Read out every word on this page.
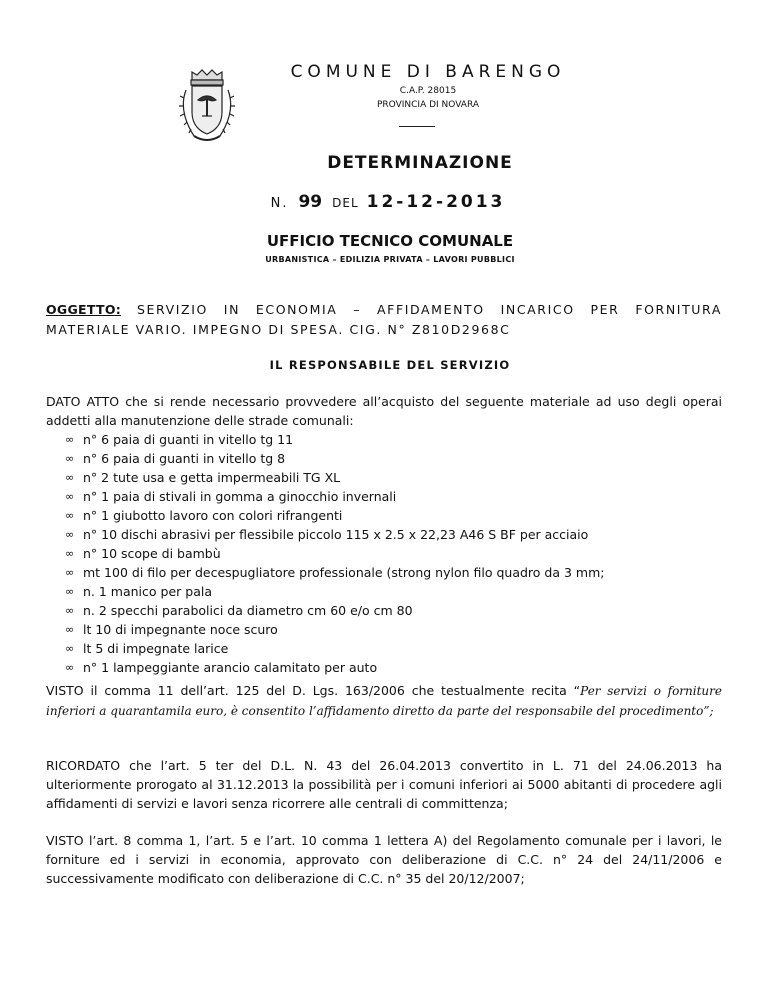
COMUNE DI BARENGO
C.A.P. 28015
PROVINCIA DI NOVARA
DETERMINAZIONE
N. 99 DEL 12-12-2013
UFFICIO TECNICO COMUNALE
URBANISTICA – EDILIZIA PRIVATA – LAVORI PUBBLICI
OGGETTO: SERVIZIO IN ECONOMIA – AFFIDAMENTO INCARICO PER FORNITURA MATERIALE VARIO. IMPEGNO DI SPESA. CIG. N° Z810D2968C
IL RESPONSABILE DEL SERVIZIO
DATO ATTO che si rende necessario provvedere all’acquisto del seguente materiale ad uso degli operai addetti alla manutenzione delle strade comunali:
∞ n° 6 paia di guanti in vitello tg 11
∞ n° 6 paia di guanti in vitello tg 8
∞ n° 2 tute usa e getta impermeabili TG XL
∞ n° 1 paia di stivali in gomma a ginocchio invernali
∞ n° 1 giubotto lavoro con colori rifrangenti
∞ n° 10 dischi abrasivi per flessibile piccolo 115 x 2.5 x 22,23 A46 S BF per acciaio
∞ n° 10 scope di bambù
∞ mt 100 di filo per decespugliatore professionale (strong nylon filo quadro da 3 mm;
∞ n. 1 manico per pala
∞ n. 2 specchi parabolici da diametro cm 60 e/o cm 80
∞ lt 10 di impegnante noce scuro
∞ lt 5 di impegnate larice
∞ n° 1 lampeggiante arancio calamitato per auto
VISTO il comma 11 dell’art. 125 del D. Lgs. 163/2006 che testualmente recita “Per servizi o forniture inferiori a quarantamila euro, è consentito l’affidamento diretto da parte del responsabile del procedimento”;
RICORDATO che l’art. 5 ter del D.L. N. 43 del 26.04.2013 convertito in L. 71 del 24.06.2013 ha ulteriormente prorogato al 31.12.2013 la possibilità per i comuni inferiori ai 5000 abitanti di procedere agli affidamenti di servizi e lavori senza ricorrere alle centrali di committenza;
VISTO l’art. 8 comma 1, l’art. 5 e l’art. 10 comma 1 lettera A) del Regolamento comunale per i lavori, le forniture ed i servizi in economia, approvato con deliberazione di C.C. n° 24 del 24/11/2006 e successivamente modificato con deliberazione di C.C. n° 35 del 20/12/2007;
